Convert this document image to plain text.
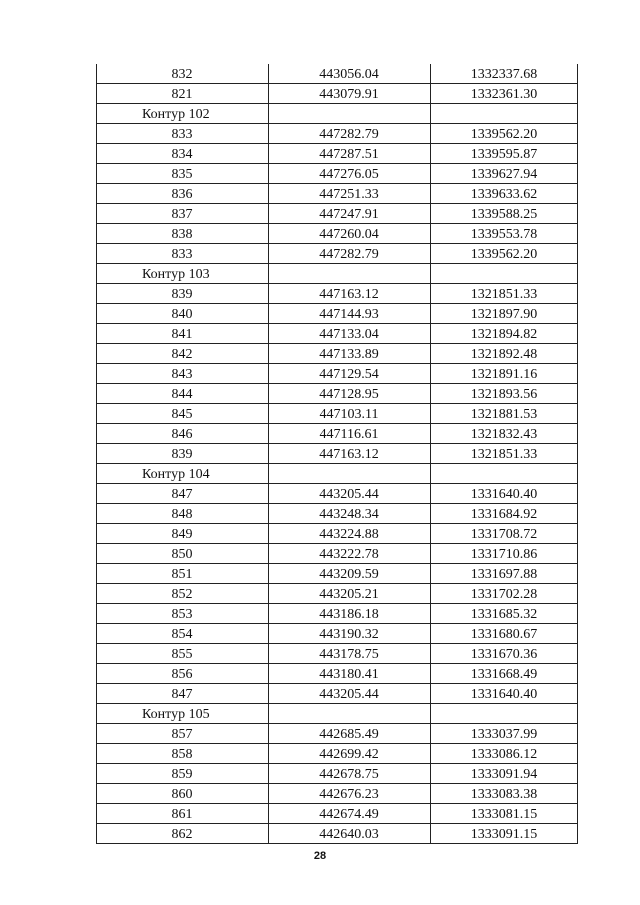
832	443056.04	1332337.68
821	443079.91	1332361.30
Контур 102
833	447282.79	1339562.20
834	447287.51	1339595.87
835	447276.05	1339627.94
836	447251.33	1339633.62
837	447247.91	1339588.25
838	447260.04	1339553.78
833	447282.79	1339562.20
Контур 103
839	447163.12	1321851.33
840	447144.93	1321897.90
841	447133.04	1321894.82
842	447133.89	1321892.48
843	447129.54	1321891.16
844	447128.95	1321893.56
845	447103.11	1321881.53
846	447116.61	1321832.43
839	447163.12	1321851.33
Контур 104
847	443205.44	1331640.40
848	443248.34	1331684.92
849	443224.88	1331708.72
850	443222.78	1331710.86
851	443209.59	1331697.88
852	443205.21	1331702.28
853	443186.18	1331685.32
854	443190.32	1331680.67
855	443178.75	1331670.36
856	443180.41	1331668.49
847	443205.44	1331640.40
Контур 105
857	442685.49	1333037.99
858	442699.42	1333086.12
859	442678.75	1333091.94
860	442676.23	1333083.38
861	442674.49	1333081.15
862	442640.03	1333091.15
28
